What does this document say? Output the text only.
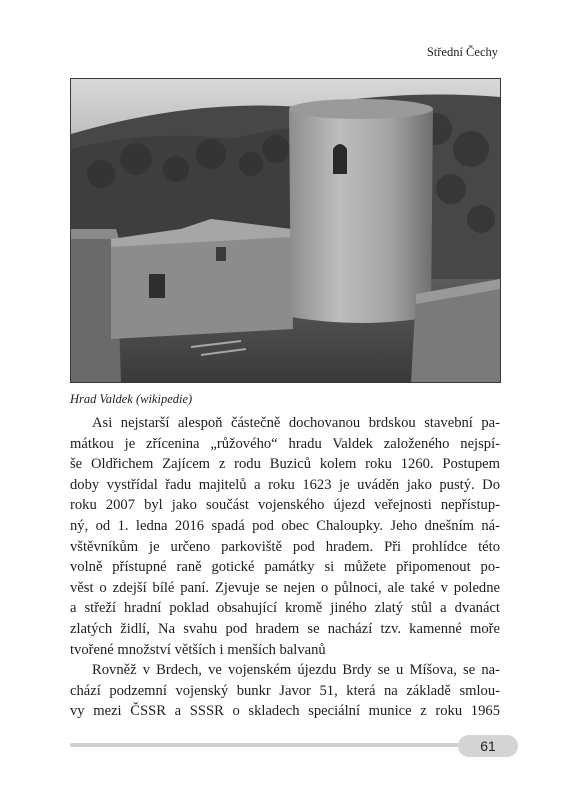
Střední Čechy
Hrad Valdek (wikipedie)
Asi nejstarší alespoň částečně dochovanou brdskou stavební pa-
mátkou je zřícenina „růžového“ hradu Valdek založeného nejspí-
še Oldřichem Zajícem z rodu Buziců kolem roku 1260. Postupem
doby vystřídal řadu majitelů a roku 1623 je uváděn jako pustý. Do
roku 2007 byl jako součást vojenského újezd veřejnosti nepřístup-
ný, od 1. ledna 2016 spadá pod obec Chaloupky. Jeho dnešním ná-
vštěvníkům je určeno parkoviště pod hradem. Při prohlídce této
volně přístupné raně gotické památky si můžete připomenout po-
věst o zdejší bílé paní. Zjevuje se nejen o půlnoci, ale také v poledne
a střeží hradní poklad obsahující kromě jiného zlatý stůl a dvanáct
zlatých židlí, Na svahu pod hradem se nachází tzv. kamenné moře
tvořené množství větších i menších balvanů
Rovněž v Brdech, ve vojenském újezdu Brdy se u Míšova, se na-
chází podzemní vojenský bunkr Javor 51, která na základě smlou-
vy mezi ČSSR a SSSR o skladech speciální munice z roku 1965
61
